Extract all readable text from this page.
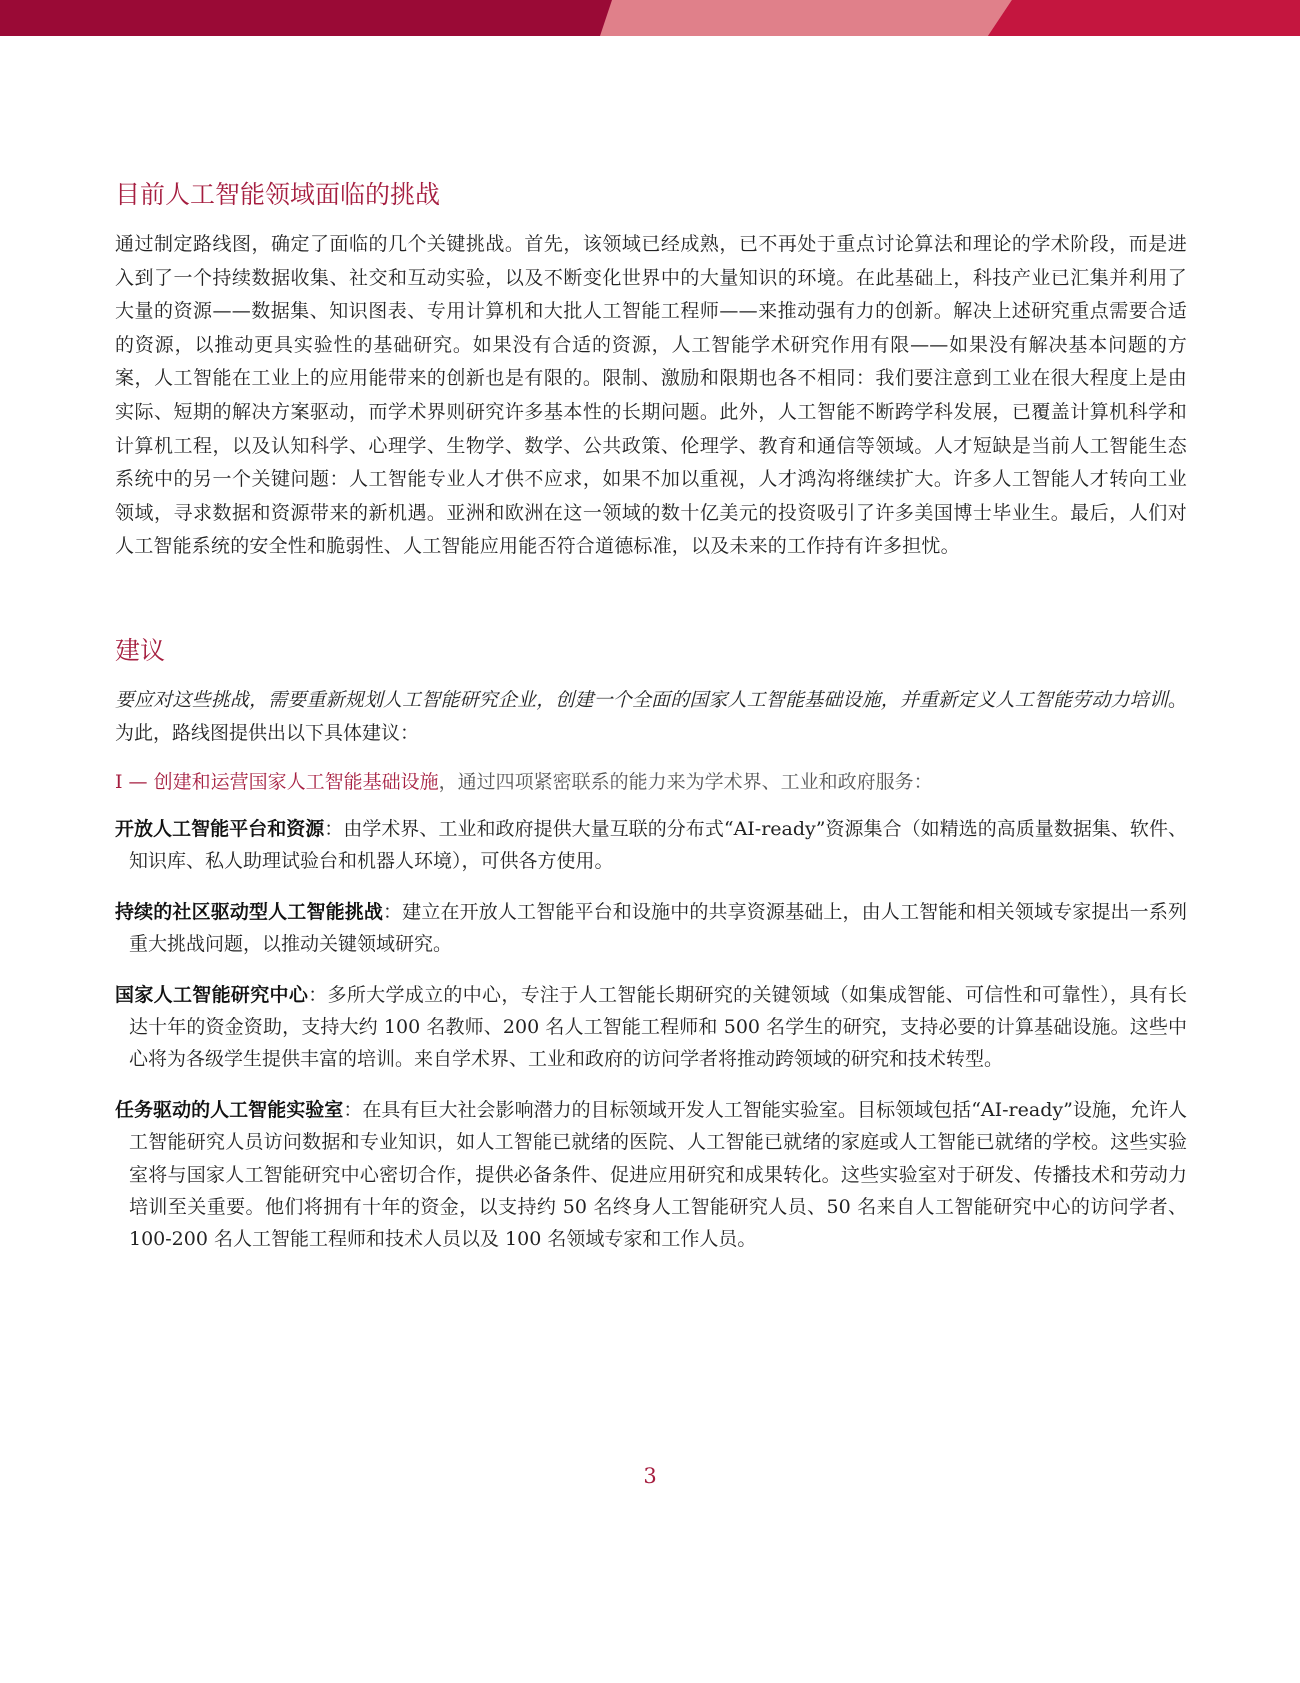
目前人工智能领域面临的挑战

通过制定路线图，确定了面临的几个关键挑战。首先，该领域已经成熟，已不再处于重点讨论算法和理论的学术阶段，而是进入到了一个持续数据收集、社交和互动实验，以及不断变化世界中的大量知识的环境。在此基础上，科技产业已汇集并利用了大量的资源——数据集、知识图表、专用计算机和大批人工智能工程师——来推动强有力的创新。解决上述研究重点需要合适的资源，以推动更具实验性的基础研究。如果没有合适的资源，人工智能学术研究作用有限——如果没有解决基本问题的方案，人工智能在工业上的应用能带来的创新也是有限的。限制、激励和限期也各不相同：我们要注意到工业在很大程度上是由实际、短期的解决方案驱动，而学术界则研究许多基本性的长期问题。此外，人工智能不断跨学科发展，已覆盖计算机科学和计算机工程，以及认知科学、心理学、生物学、数学、公共政策、伦理学、教育和通信等领域。人才短缺是当前人工智能生态系统中的另一个关键问题：人工智能专业人才供不应求，如果不加以重视，人才鸿沟将继续扩大。许多人工智能人才转向工业领域，寻求数据和资源带来的新机遇。亚洲和欧洲在这一领域的数十亿美元的投资吸引了许多美国博士毕业生。最后，人们对人工智能系统的安全性和脆弱性、人工智能应用能否符合道德标准，以及未来的工作持有许多担忧。

建议

要应对这些挑战，需要重新规划人工智能研究企业，创建一个全面的国家人工智能基础设施，并重新定义人工智能劳动力培训。为此，路线图提供出以下具体建议：

I — 创建和运营国家人工智能基础设施，通过四项紧密联系的能力来为学术界、工业和政府服务：

开放人工智能平台和资源：由学术界、工业和政府提供大量互联的分布式“AI-ready”资源集合（如精选的高质量数据集、软件、知识库、私人助理试验台和机器人环境），可供各方使用。
持续的社区驱动型人工智能挑战：建立在开放人工智能平台和设施中的共享资源基础上，由人工智能和相关领域专家提出一系列重大挑战问题，以推动关键领域研究。
国家人工智能研究中心：多所大学成立的中心，专注于人工智能长期研究的关键领域（如集成智能、可信性和可靠性），具有长达十年的资金资助，支持大约 100 名教师、200 名人工智能工程师和 500 名学生的研究，支持必要的计算基础设施。这些中心将为各级学生提供丰富的培训。来自学术界、工业和政府的访问学者将推动跨领域的研究和技术转型。
任务驱动的人工智能实验室：在具有巨大社会影响潜力的目标领域开发人工智能实验室。目标领域包括“AI-ready”设施，允许人工智能研究人员访问数据和专业知识，如人工智能已就绪的医院、人工智能已就绪的家庭或人工智能已就绪的学校。这些实验室将与国家人工智能研究中心密切合作，提供必备条件、促进应用研究和成果转化。这些实验室对于研发、传播技术和劳动力培训至关重要。他们将拥有十年的资金，以支持约 50 名终身人工智能研究人员、50 名来自人工智能研究中心的访问学者、100-200 名人工智能工程师和技术人员以及 100 名领域专家和工作人员。
3
